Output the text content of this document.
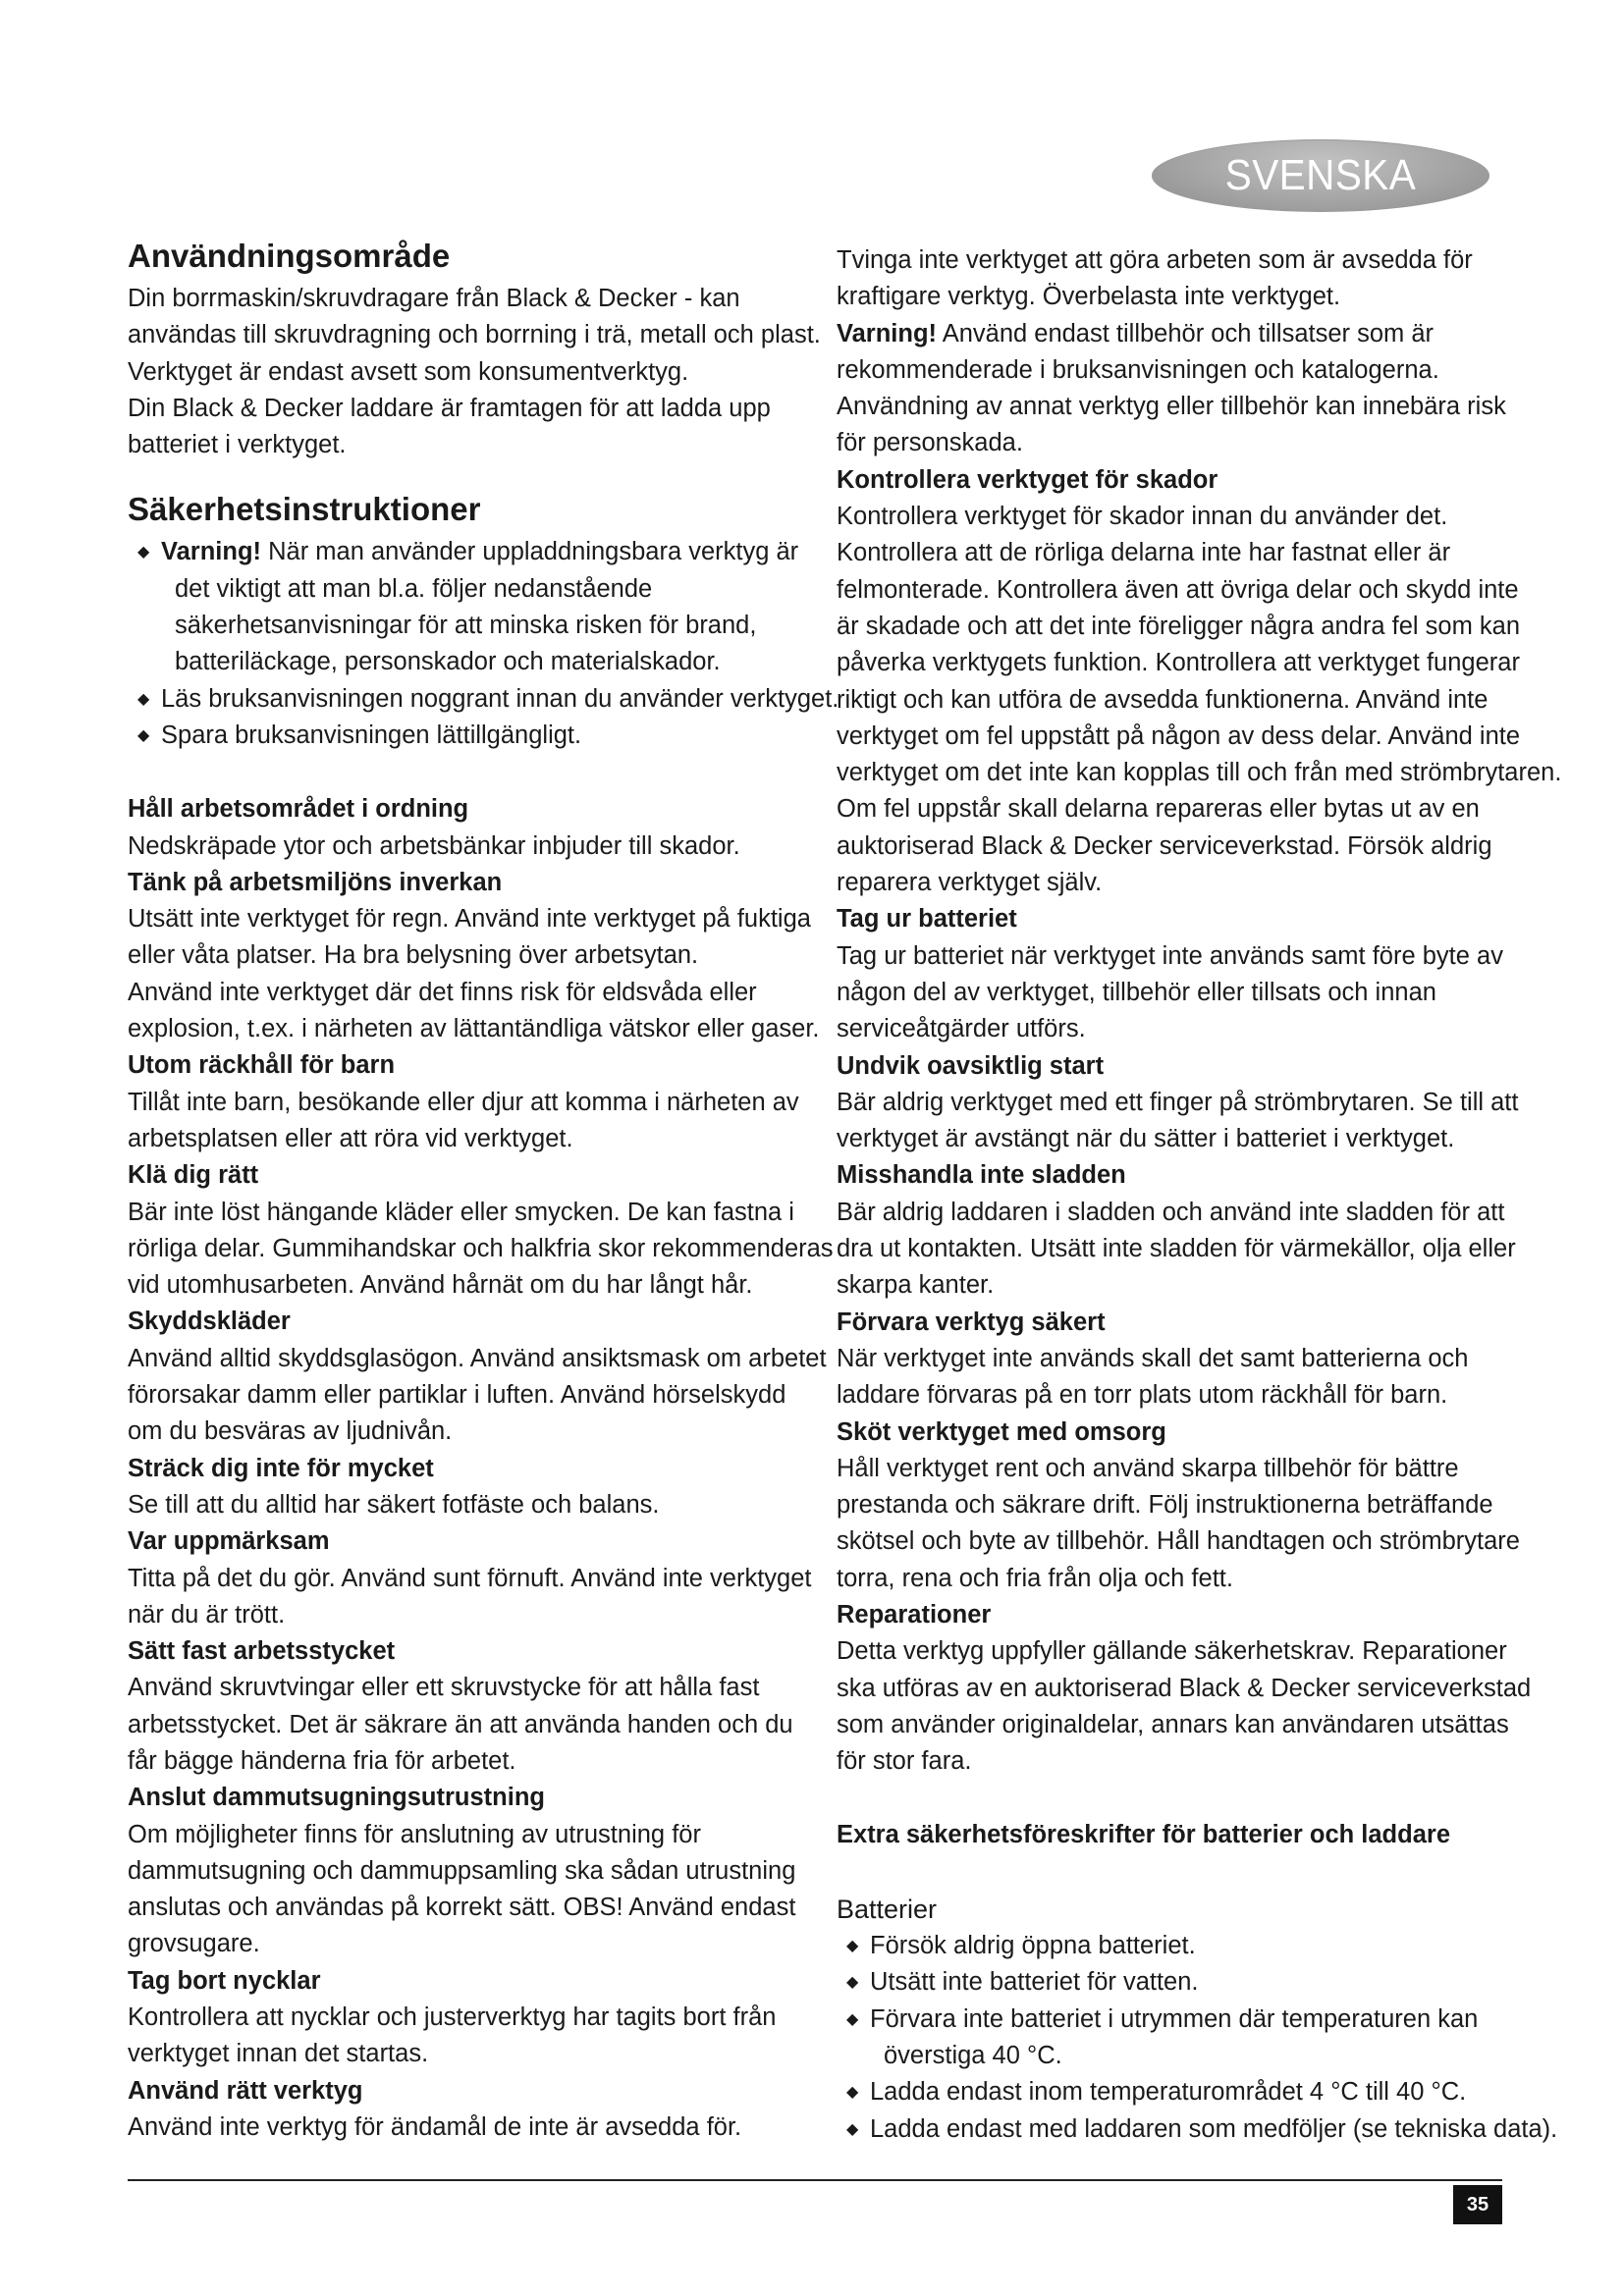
SVENSKA
Användningsområde
Din borrmaskin/skruvdragare från Black & Decker - kan
användas till skruvdragning och borrning i trä, metall och plast.
Verktyget är endast avsett som konsumentverktyg.
Din Black & Decker laddare är framtagen för att ladda upp
batteriet i verktyget.
Säkerhetsinstruktioner
◆ Varning! När man använder uppladdningsbara verktyg är
det viktigt att man bl.a. följer nedanstående
säkerhetsanvisningar för att minska risken för brand,
batteriläckage, personskador och materialskador.
◆ Läs bruksanvisningen noggrant innan du använder verktyget.
◆ Spara bruksanvisningen lättillgängligt.
Håll arbetsområdet i ordning
Nedskräpade ytor och arbetsbänkar inbjuder till skador.
Tänk på arbetsmiljöns inverkan
Utsätt inte verktyget för regn. Använd inte verktyget på fuktiga
eller våta platser. Ha bra belysning över arbetsytan.
Använd inte verktyget där det finns risk för eldsvåda eller
explosion, t.ex. i närheten av lättantändliga vätskor eller gaser.
Utom räckhåll för barn
Tillåt inte barn, besökande eller djur att komma i närheten av
arbetsplatsen eller att röra vid verktyget.
Klä dig rätt
Bär inte löst hängande kläder eller smycken. De kan fastna i
rörliga delar. Gummihandskar och halkfria skor rekommenderas
vid utomhusarbeten. Använd hårnät om du har långt hår.
Skyddskläder
Använd alltid skyddsglasögon. Använd ansiktsmask om arbetet
förorsakar damm eller partiklar i luften. Använd hörselskydd
om du besväras av ljudnivån.
Sträck dig inte för mycket
Se till att du alltid har säkert fotfäste och balans.
Var uppmärksam
Titta på det du gör. Använd sunt förnuft. Använd inte verktyget
när du är trött.
Sätt fast arbetsstycket
Använd skruvtvingar eller ett skruvstycke för att hålla fast
arbetsstycket. Det är säkrare än att använda handen och du
får bägge händerna fria för arbetet.
Anslut dammutsugningsutrustning
Om möjligheter finns för anslutning av utrustning för
dammutsugning och dammuppsamling ska sådan utrustning
anslutas och användas på korrekt sätt. OBS! Använd endast
grovsugare.
Tag bort nycklar
Kontrollera att nycklar och justerverktyg har tagits bort från
verktyget innan det startas.
Använd rätt verktyg
Använd inte verktyg för ändamål de inte är avsedda för.
Tvinga inte verktyget att göra arbeten som är avsedda för
kraftigare verktyg. Överbelasta inte verktyget.
Varning! Använd endast tillbehör och tillsatser som är
rekommenderade i bruksanvisningen och katalogerna.
Användning av annat verktyg eller tillbehör kan innebära risk
för personskada.
Kontrollera verktyget för skador
Kontrollera verktyget för skador innan du använder det.
Kontrollera att de rörliga delarna inte har fastnat eller är
felmonterade. Kontrollera även att övriga delar och skydd inte
är skadade och att det inte föreligger några andra fel som kan
påverka verktygets funktion. Kontrollera att verktyget fungerar
riktigt och kan utföra de avsedda funktionerna. Använd inte
verktyget om fel uppstått på någon av dess delar. Använd inte
verktyget om det inte kan kopplas till och från med strömbrytaren.
Om fel uppstår skall delarna repareras eller bytas ut av en
auktoriserad Black & Decker serviceverkstad. Försök aldrig
reparera verktyget själv.
Tag ur batteriet
Tag ur batteriet när verktyget inte används samt före byte av
någon del av verktyget, tillbehör eller tillsats och innan
serviceåtgärder utförs.
Undvik oavsiktlig start
Bär aldrig verktyget med ett finger på strömbrytaren. Se till att
verktyget är avstängt när du sätter i batteriet i verktyget.
Misshandla inte sladden
Bär aldrig laddaren i sladden och använd inte sladden för att
dra ut kontakten. Utsätt inte sladden för värmekällor, olja eller
skarpa kanter.
Förvara verktyg säkert
När verktyget inte används skall det samt batterierna och
laddare förvaras på en torr plats utom räckhåll för barn.
Sköt verktyget med omsorg
Håll verktyget rent och använd skarpa tillbehör för bättre
prestanda och säkrare drift. Följ instruktionerna beträffande
skötsel och byte av tillbehör. Håll handtagen och strömbrytare
torra, rena och fria från olja och fett.
Reparationer
Detta verktyg uppfyller gällande säkerhetskrav. Reparationer
ska utföras av en auktoriserad Black & Decker serviceverkstad
som använder originaldelar, annars kan användaren utsättas
för stor fara.
Extra säkerhetsföreskrifter för batterier och laddare
Batterier
◆ Försök aldrig öppna batteriet.
◆ Utsätt inte batteriet för vatten.
◆ Förvara inte batteriet i utrymmen där temperaturen kan
överstiga 40 °C.
◆ Ladda endast inom temperaturområdet 4 °C till 40 °C.
◆ Ladda endast med laddaren som medföljer (se tekniska data).
35
